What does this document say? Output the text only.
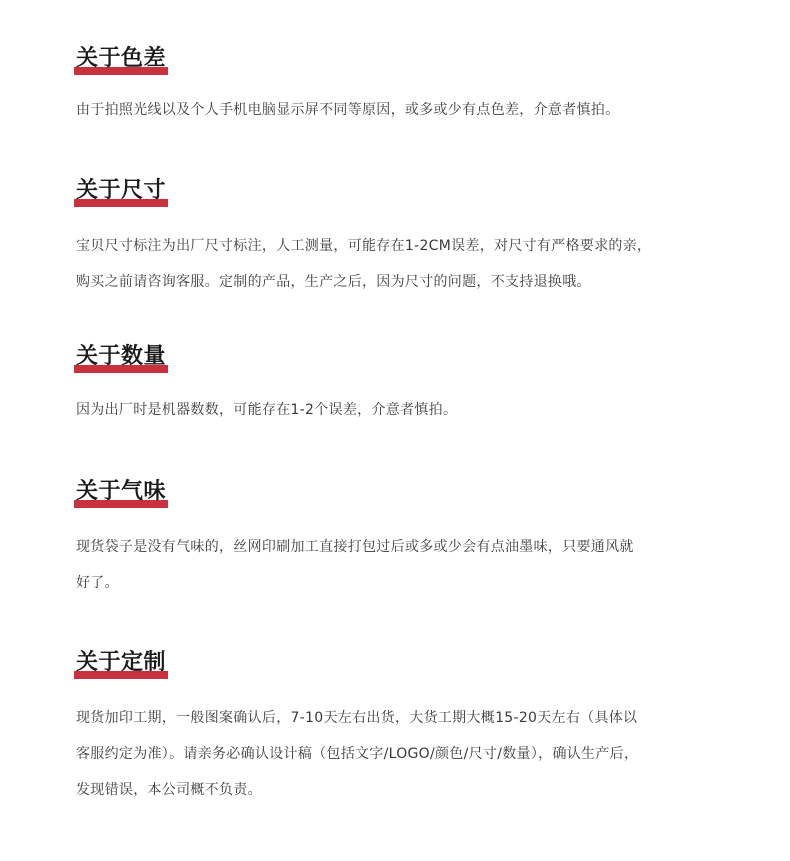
关于色差

由于拍照光线以及个人手机电脑显示屏不同等原因，或多或少有点色差，介意者慎拍。

关于尺寸

宝贝尺寸标注为出厂尺寸标注，人工测量，可能存在1-2CM误差，对尺寸有严格要求的亲，

购买之前请咨询客服。定制的产品，生产之后，因为尺寸的问题，不支持退换哦。

关于数量

因为出厂时是机器数数，可能存在1-2个误差，介意者慎拍。

关于气味

现货袋子是没有气味的，丝网印刷加工直接打包过后或多或少会有点油墨味，只要通风就

好了。

关于定制

现货加印工期，一般图案确认后，7-10天左右出货，大货工期大概15-20天左右（具体以

客服约定为准）。请亲务必确认设计稿（包括文字/LOGO/颜色/尺寸/数量），确认生产后，

发现错误，本公司概不负责。
